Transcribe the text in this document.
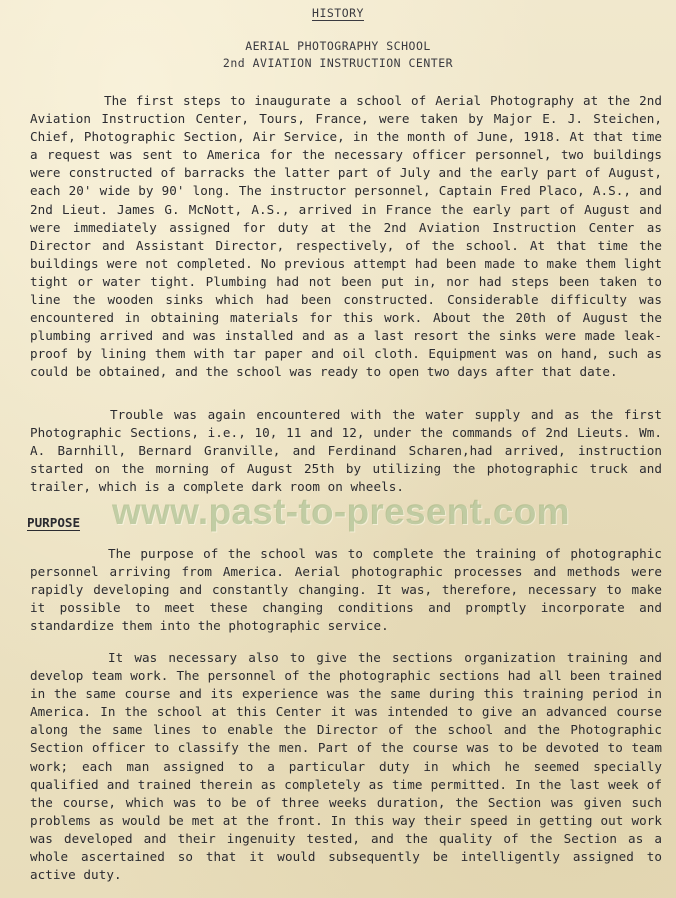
HISTORY
AERIAL PHOTOGRAPHY SCHOOL
2nd AVIATION INSTRUCTION CENTER
The first steps to inaugurate a school of Aerial Photography at the 2nd Aviation Instruction Center, Tours, France, were taken by Major E. J. Steichen, Chief, Photographic Section, Air Service, in the month of June, 1918. At that time a request was sent to America for the necessary officer personnel, two buildings were constructed of barracks the latter part of July and the early part of August, each 20' wide by 90' long. The instructor personnel, Captain Fred Placo, A.S., and 2nd Lieut. James G. McNott, A.S., arrived in France the early part of August and were immediately assigned for duty at the 2nd Aviation Instruction Center as Director and Assistant Director, respectively, of the school. At that time the buildings were not completed. No previous attempt had been made to make them light tight or water tight. Plumbing had not been put in, nor had steps been taken to line the wooden sinks which had been constructed. Considerable difficulty was encountered in obtaining materials for this work. About the 20th of August the plumbing arrived and was installed and as a last resort the sinks were made leak-proof by lining them with tar paper and oil cloth. Equipment was on hand, such as could be obtained, and the school was ready to open two days after that date.
Trouble was again encountered with the water supply and as the first Photographic Sections, i.e., 10, 11 and 12, under the commands of 2nd Lieuts. Wm. A. Barnhill, Bernard Granville, and Ferdinand Scharen,had arrived, instruction started on the morning of August 25th by utilizing the photographic truck and trailer, which is a complete dark room on wheels.
PURPOSE www.past-to-present.com
The purpose of the school was to complete the training of photographic personnel arriving from America. Aerial photographic processes and methods were rapidly developing and constantly changing. It was, therefore, necessary to make it possible to meet these changing conditions and promptly incorporate and standardize them into the photographic service.
It was necessary also to give the sections organization training and develop team work. The personnel of the photographic sections had all been trained in the same course and its experience was the same during this training period in America. In the school at this Center it was intended to give an advanced course along the same lines to enable the Director of the school and the Photographic Section officer to classify the men. Part of the course was to be devoted to team work; each man assigned to a particular duty in which he seemed specially qualified and trained therein as completely as time permitted. In the last week of the course, which was to be of three weeks duration, the Section was given such problems as would be met at the front. In this way their speed in getting out work was developed and their ingenuity tested, and the quality of the Section as a whole ascertained so that it would subsequently be intelligently assigned to active duty.
